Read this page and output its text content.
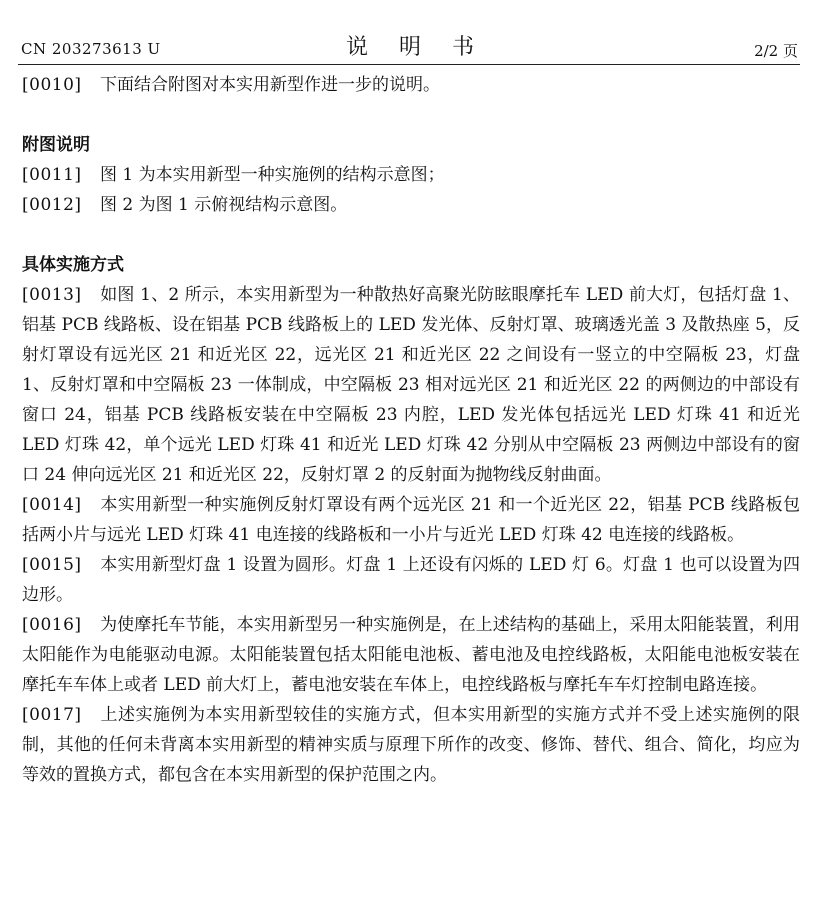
CN 203273613 U	说 明 书	2/2 页

[0010] 下面结合附图对本实用新型作进一步的说明。

附图说明

[0011] 图 1 为本实用新型一种实施例的结构示意图；

[0012] 图 2 为图 1 示俯视结构示意图。

具体实施方式

[0013] 如图 1、2 所示，本实用新型为一种散热好高聚光防眩眼摩托车 LED 前大灯，包括灯盘 1、铝基 PCB 线路板、设在铝基 PCB 线路板上的 LED 发光体、反射灯罩、玻璃透光盖 3 及散热座 5，反射灯罩设有远光区 21 和近光区 22，远光区 21 和近光区 22 之间设有一竖立的中空隔板 23，灯盘 1、反射灯罩和中空隔板 23 一体制成，中空隔板 23 相对远光区 21 和近光区 22 的两侧边的中部设有窗口 24，铝基 PCB 线路板安装在中空隔板 23 内腔，LED 发光体包括远光 LED 灯珠 41 和近光 LED 灯珠 42，单个远光 LED 灯珠 41 和近光 LED 灯珠 42 分别从中空隔板 23 两侧边中部设有的窗口 24 伸向远光区 21 和近光区 22，反射灯罩 2 的反射面为抛物线反射曲面。

[0014] 本实用新型一种实施例反射灯罩设有两个远光区 21 和一个近光区 22，铝基 PCB 线路板包括两小片与远光 LED 灯珠 41 电连接的线路板和一小片与近光 LED 灯珠 42 电连接的线路板。

[0015] 本实用新型灯盘 1 设置为圆形。灯盘 1 上还设有闪烁的 LED 灯 6。灯盘 1 也可以设置为四边形。

[0016] 为使摩托车节能，本实用新型另一种实施例是，在上述结构的基础上，采用太阳能装置，利用太阳能作为电能驱动电源。太阳能装置包括太阳能电池板、蓄电池及电控线路板，太阳能电池板安装在摩托车车体上或者 LED 前大灯上，蓄电池安装在车体上，电控线路板与摩托车车灯控制电路连接。

[0017] 上述实施例为本实用新型较佳的实施方式，但本实用新型的实施方式并不受上述实施例的限制，其他的任何未背离本实用新型的精神实质与原理下所作的改变、修饰、替代、组合、简化，均应为等效的置换方式，都包含在本实用新型的保护范围之内。
